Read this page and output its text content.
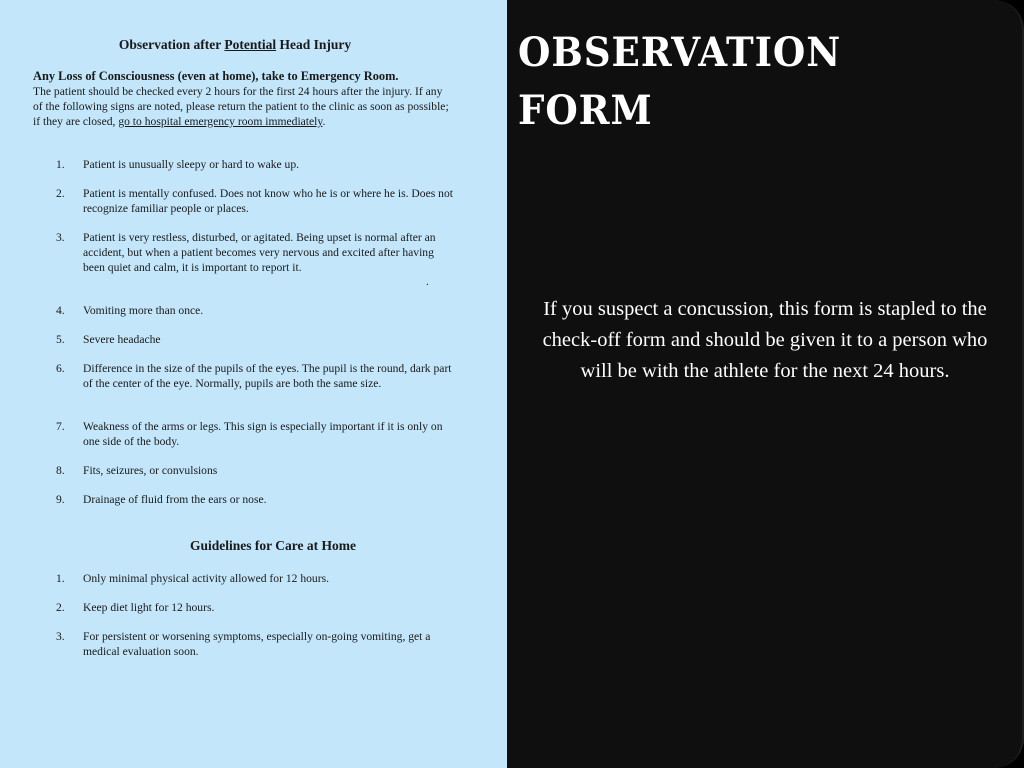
Observation after Potential Head Injury

Any Loss of Consciousness (even at home), take to Emergency Room.
The patient should be checked every 2 hours for the first 24 hours after the injury. If any of the following signs are noted, please return the patient to the clinic as soon as possible; if they are closed, go to hospital emergency room immediately.

1.	Patient is unusually sleepy or hard to wake up.
2.	Patient is mentally confused. Does not know who he is or where he is. Does not recognize familiar people or places.
3.	Patient is very restless, disturbed, or agitated. Being upset is normal after an accident, but when a patient becomes very nervous and excited after having been quiet and calm, it is important to report it.
4.	Vomiting more than once.
5.	Severe headache
6.	Difference in the size of the pupils of the eyes. The pupil is the round, dark part of the center of the eye. Normally, pupils are both the same size.
7.	Weakness of the arms or legs. This sign is especially important if it is only on one side of the body.
8.	Fits, seizures, or convulsions
9.	Drainage of fluid from the ears or nose.
.
Guidelines for Care at Home
1.	Only minimal physical activity allowed for 12 hours.
2.	Keep diet light for 12 hours.
3.	For persistent or worsening symptoms, especially on-going vomiting, get a medical evaluation soon.
OBSERVATION
FORM

If you suspect a concussion, this form is stapled to the check-off form and should be given it to a person who will be with the athlete for the next 24 hours.
